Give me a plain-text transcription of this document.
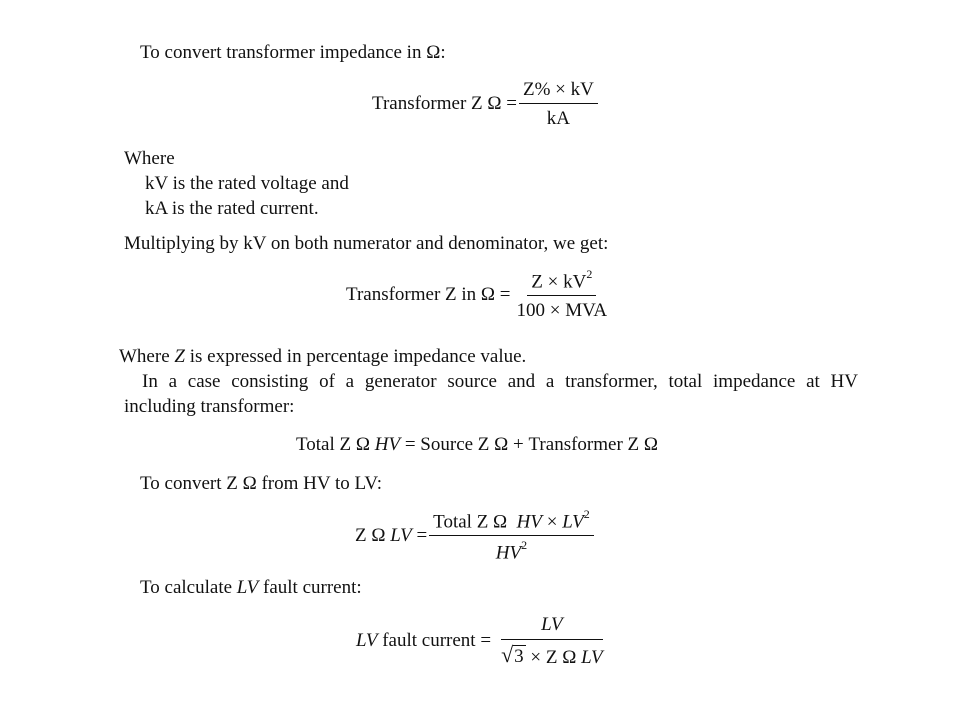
To convert transformer impedance in Ω:
Transformer Z $\Omega = \frac{Z\% \times kV}{kA}$
Where
kV is the rated voltage and
kA is the rated current.
Multiplying by kV on both numerator and denominator, we get:
Transformer Z in $\Omega = \frac{Z \times kV^2}{\text{100 × MVA}}$
Where Z is expressed in percentage impedance value.
In a case consisting of a generator source and a transformer, total impedance at HV
including transformer:
Total Z Ω
HV
= Source Z Ω + Transformer Z Ω
To convert Z Ω from HV to LV:
Z Ω
LV
= $\frac{Total Z \Omega HV \times LV^2}{HV^2}$
To calculate LV fault current:
LV
fault current = $\frac{LV}{\text{√ 3 × Z Ω LV}}$
